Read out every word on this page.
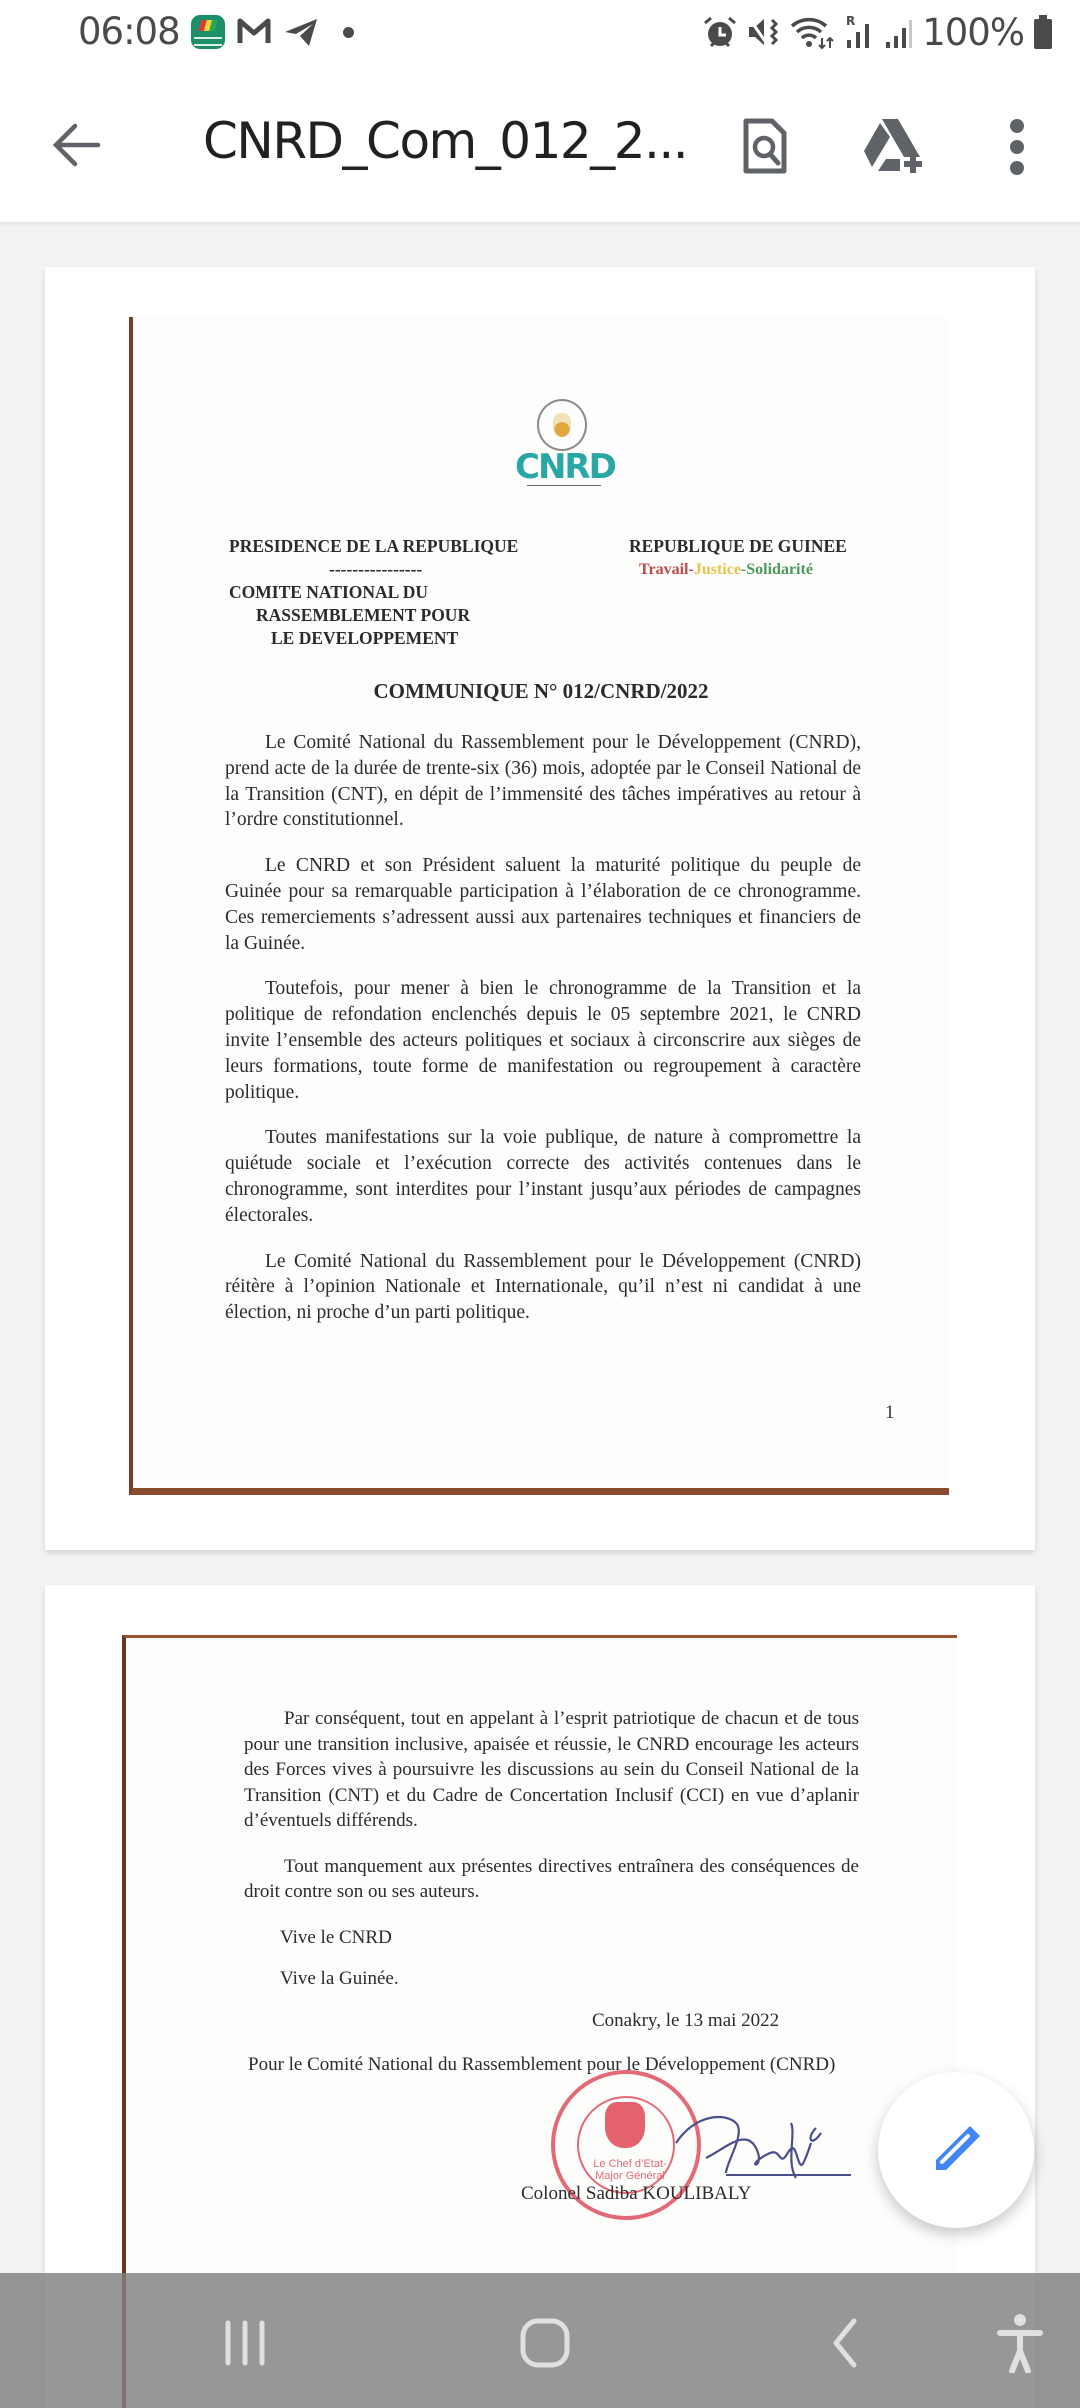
06:08	R 100%
CNRD_Com_012_2...
CNRD
PRESIDENCE DE LA REPUBLIQUE
----------------
COMITE NATIONAL DU
RASSEMBLEMENT POUR
LE DEVELOPPEMENT
REPUBLIQUE DE GUINEE
Travail-Justice-Solidarité
COMMUNIQUE N° 012/CNRD/2022

Le Comité National du Rassemblement pour le Développement (CNRD), prend acte de la durée de trente-six (36) mois, adoptée par le Conseil National de la Transition (CNT), en dépit de l’immensité des tâches impératives au retour à l’ordre constitutionnel.

Le CNRD et son Président saluent la maturité politique du peuple de Guinée pour sa remarquable participation à l’élaboration de ce chronogramme. Ces remerciements s’adressent aussi aux partenaires techniques et financiers de la Guinée.

Toutefois, pour mener à bien le chronogramme de la Transition et la politique de refondation enclenchés depuis le 05 septembre 2021, le CNRD invite l’ensemble des acteurs politiques et sociaux à circonscrire aux sièges de leurs formations, toute forme de manifestation ou regroupement à caractère politique.

Toutes manifestations sur la voie publique, de nature à compromettre la quiétude sociale et l’exécution correcte des activités contenues dans le chronogramme, sont interdites pour l’instant jusqu’aux périodes de campagnes électorales.

Le Comité National du Rassemblement pour le Développement (CNRD) réitère à l’opinion Nationale et Internationale, qu’il n’est ni candidat à une élection, ni proche d’un parti politique.

1

Par conséquent, tout en appelant à l’esprit patriotique de chacun et de tous pour une transition inclusive, apaisée et réussie, le CNRD encourage les acteurs des Forces vives à poursuivre les discussions au sein du Conseil National de la Transition (CNT) et du Cadre de Concertation Inclusif (CCI) en vue d’aplanir d’éventuels différends.

Tout manquement aux présentes directives entraînera des conséquences de droit contre son ou ses auteurs.

Vive le CNRD

Vive la Guinée.

Conakry, le 13 mai 2022
Pour le Comité National du Rassemblement pour le Développement (CNRD)
Le Chef d’Etat-Major Général
Colonel Sadiba KOULIBALY
